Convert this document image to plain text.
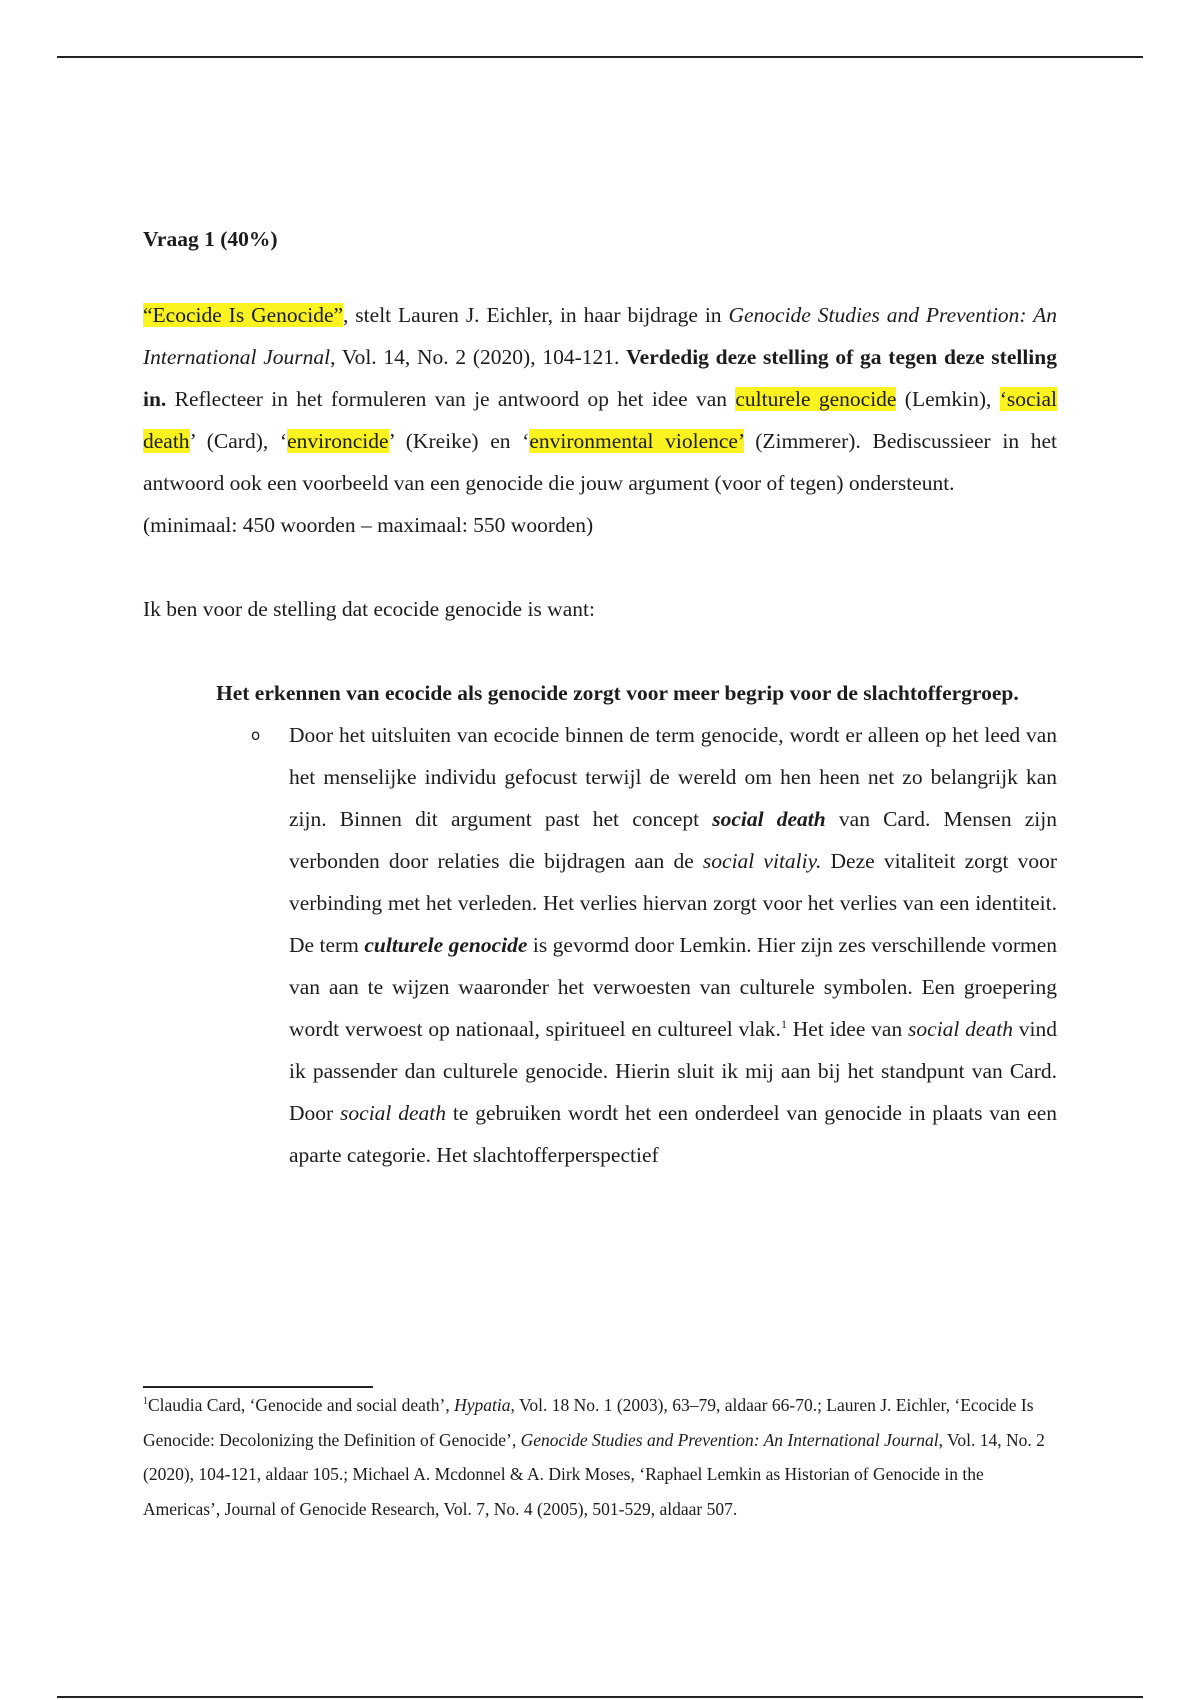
Vraag 1 (40%)

“Ecocide Is Genocide”, stelt Lauren J. Eichler, in haar bijdrage in Genocide Studies and Prevention: An International Journal, Vol. 14, No. 2 (2020), 104-121. Verdedig deze stelling of ga tegen deze stelling in. Reflecteer in het formuleren van je antwoord op het idee van culturele genocide (Lemkin), ‘social death’ (Card), ‘environcide’ (Kreike) en ‘environmental violence’ (Zimmerer). Bediscussieer in het antwoord ook een voorbeeld van een genocide die jouw argument (voor of tegen) ondersteunt.

(minimaal: 450 woorden – maximaal: 550 woorden)

Ik ben voor de stelling dat ecocide genocide is want:

Het erkennen van ecocide als genocide zorgt voor meer begrip voor de slachtoffergroep.

o Door het uitsluiten van ecocide binnen de term genocide, wordt er alleen op het leed van het menselijke individu gefocust terwijl de wereld om hen heen net zo belangrijk kan zijn. Binnen dit argument past het concept social death van Card. Mensen zijn verbonden door relaties die bijdragen aan de social vitaliy. Deze vitaliteit zorgt voor verbinding met het verleden. Het verlies hiervan zorgt voor het verlies van een identiteit. De term culturele genocide is gevormd door Lemkin. Hier zijn zes verschillende vormen van aan te wijzen waaronder het verwoesten van culturele symbolen. Een groepering wordt verwoest op nationaal, spiritueel en cultureel vlak.$^1$ Het idee van social death vind ik passender dan culturele genocide. Hierin sluit ik mij aan bij het standpunt van Card. Door social death te gebruiken wordt het een onderdeel van genocide in plaats van een aparte categorie. Het slachtofferperspectief

$^1$Claudia Card, ‘Genocide and social death’, Hypatia, Vol. 18 No. 1 (2003), 63–79, aldaar 66-70.; Lauren J. Eichler, ‘Ecocide Is Genocide: Decolonizing the Definition of Genocide’, Genocide Studies and Prevention: An International Journal, Vol. 14, No. 2 (2020), 104-121, aldaar 105.; Michael A. Mcdonnel & A. Dirk Moses, ‘Raphael Lemkin as Historian of Genocide in the Americas’, Journal of Genocide Research, Vol. 7, No. 4 (2005), 501-529, aldaar 507.
